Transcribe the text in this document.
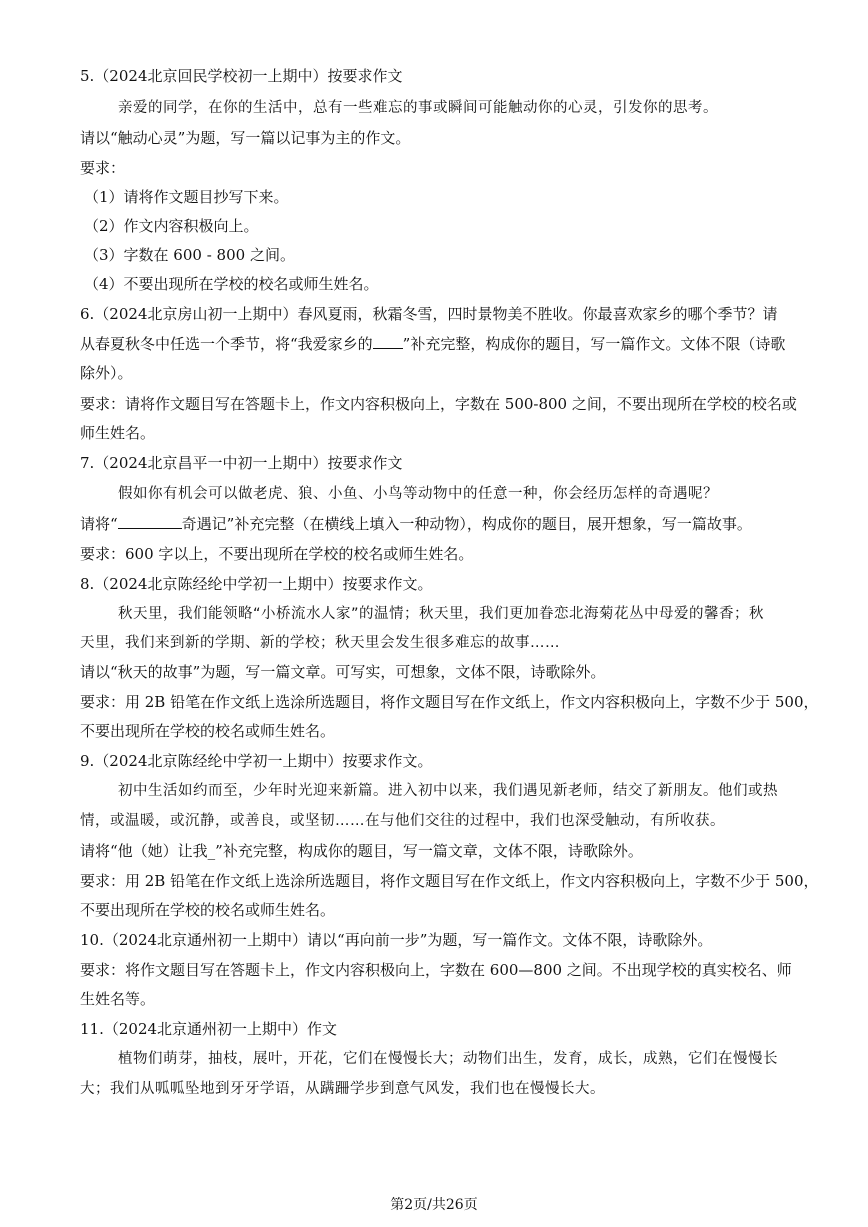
5.（2024北京回民学校初一上期中）按要求作文
亲爱的同学，在你的生活中，总有一些难忘的事或瞬间可能触动你的心灵，引发你的思考。
请以“触动心灵”为题，写一篇以记事为主的作文。
要求：
（1）请将作文题目抄写下来。
（2）作文内容积极向上。
（3）字数在 600 - 800 之间。
（4）不要出现所在学校的校名或师生姓名。
6.（2024北京房山初一上期中）春风夏雨，秋霜冬雪，四时景物美不胜收。你最喜欢家乡的哪个季节？请
从春夏秋冬中任选一个季节，将“我爱家乡的 ”补充完整，构成你的题目，写一篇作文。文体不限（诗歌
除外）。
要求：请将作文题目写在答题卡上，作文内容积极向上，字数在 500-800 之间，不要出现所在学校的校名或
师生姓名。
7.（2024北京昌平一中初一上期中）按要求作文
假如你有机会可以做老虎、狼、小鱼、小鸟等动物中的任意一种，你会经历怎样的奇遇呢？
请将“	奇遇记”补充完整（在横线上填入一种动物），构成你的题目，展开想象，写一篇故事。
要求：600 字以上，不要出现所在学校的校名或师生姓名。
8.（2024北京陈经纶中学初一上期中）按要求作文。
秋天里，我们能领略“小桥流水人家”的温情；秋天里，我们更加眷恋北海菊花丛中母爱的馨香；秋
天里，我们来到新的学期、新的学校；秋天里会发生很多难忘的故事……
请以“秋天的故事”为题，写一篇文章。可写实，可想象，文体不限，诗歌除外。
要求：用 2B 铅笔在作文纸上选涂所选题目，将作文题目写在作文纸上，作文内容积极向上，字数不少于 500，
不要出现所在学校的校名或师生姓名。
9.（2024北京陈经纶中学初一上期中）按要求作文。
初中生活如约而至，少年时光迎来新篇。进入初中以来，我们遇见新老师，结交了新朋友。他们或热
情，或温暖，或沉静，或善良，或坚韧……在与他们交往的过程中，我们也深受触动，有所收获。
请将“他（她）让我_”补充完整，构成你的题目，写一篇文章，文体不限，诗歌除外。
要求：用 2B 铅笔在作文纸上选涂所选题目，将作文题目写在作文纸上，作文内容积极向上，字数不少于 500，
不要出现所在学校的校名或师生姓名。
10.（2024北京通州初一上期中）请以“再向前一步”为题，写一篇作文。文体不限，诗歌除外。
要求：将作文题目写在答题卡上，作文内容积极向上，字数在 600—800 之间。不出现学校的真实校名、师
生姓名等。
11.（2024北京通州初一上期中）作文
植物们萌芽，抽枝，展叶，开花，它们在慢慢长大；动物们出生，发育，成长，成熟，它们在慢慢长
大；我们从呱呱坠地到牙牙学语，从蹒跚学步到意气风发，我们也在慢慢长大。
第2页/共26页
